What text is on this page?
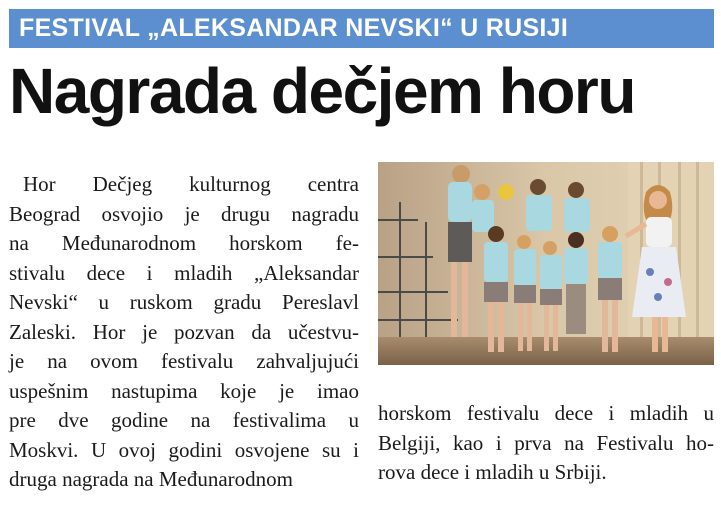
FESTIVAL „ALEKSANDAR NEVSKI“ U RUSIJI
Nagrada dečjem horu
Hor Dečjeg kulturnog centra
Beograd osvojio je drugu nagradu
na Međunarodnom horskom fe-
stivalu dece i mladih „Aleksandar
Nevski“ u ruskom gradu Pereslavl
Zaleski. Hor je pozvan da učestvu-
je na ovom festivalu zahvaljujući
uspešnim nastupima koje je imao
pre dve godine na festivalima u
Moskvi. U ovoj godini osvojene su i
druga nagrada na Međunarodnom
horskom festivalu dece i mladih u
Belgiji, kao i prva na Festivalu ho-
rova dece i mladih u Srbiji.
